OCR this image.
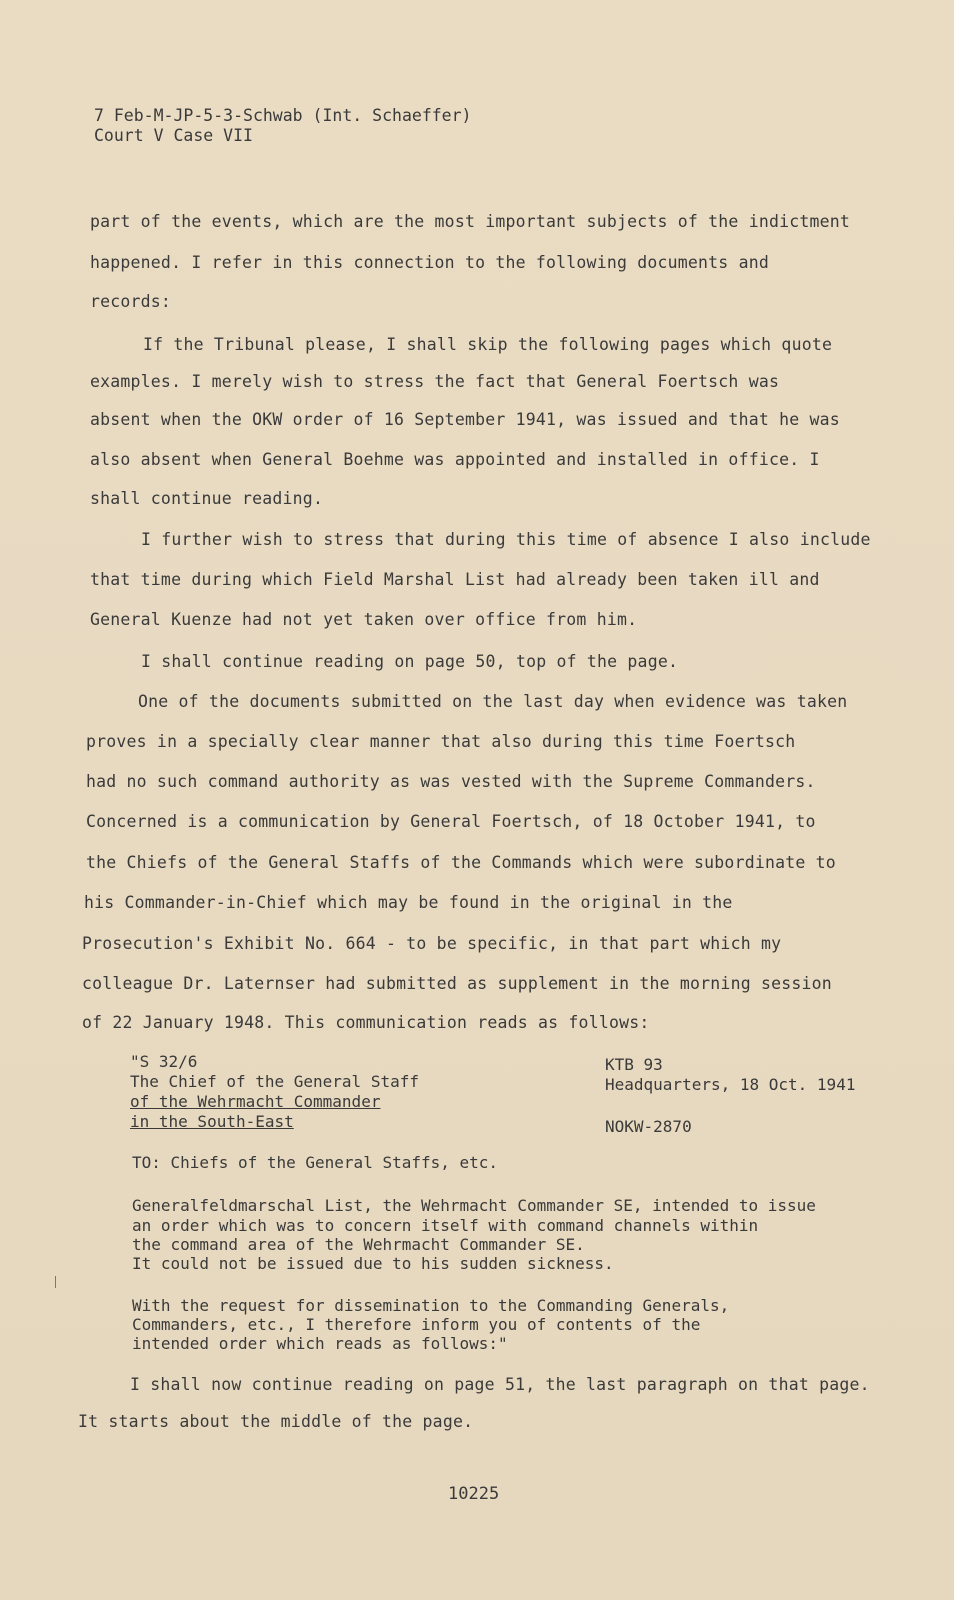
7 Feb-M-JP-5-3-Schwab (Int. Schaeffer)
Court V Case VII
part of the events, which are the most important subjects of the indictment
happened. I refer in this connection to the following documents and
records:
If the Tribunal please, I shall skip the following pages which quote
examples. I merely wish to stress the fact that General Foertsch was
absent when the OKW order of 16 September 1941, was issued and that he was
also absent when General Boehme was appointed and installed in office. I
shall continue reading.
I further wish to stress that during this time of absence I also include
that time during which Field Marshal List had already been taken ill and
General Kuenze had not yet taken over office from him.
I shall continue reading on page 50, top of the page.
One of the documents submitted on the last day when evidence was taken
proves in a specially clear manner that also during this time Foertsch
had no such command authority as was vested with the Supreme Commanders.
Concerned is a communication by General Foertsch, of 18 October 1941, to
the Chiefs of the General Staffs of the Commands which were subordinate to
his Commander-in-Chief which may be found in the original in the
Prosecution's Exhibit No. 664 - to be specific, in that part which my
colleague Dr. Laternser had submitted as supplement in the morning session
of 22 January 1948. This communication reads as follows:
"S 32/6
The Chief of the General Staff
of the Wehrmacht Commander
in the South-East
KTB 93
Headquarters, 18 Oct. 1941
NOKW-2870
TO: Chiefs of the General Staffs, etc.
Generalfeldmarschal List, the Wehrmacht Commander SE, intended to issue
an order which was to concern itself with command channels within
the command area of the Wehrmacht Commander SE.
It could not be issued due to his sudden sickness.
With the request for dissemination to the Commanding Generals,
Commanders, etc., I therefore inform you of contents of the
intended order which reads as follows:"
I shall now continue reading on page 51, the last paragraph on that page.
It starts about the middle of the page.
10225
